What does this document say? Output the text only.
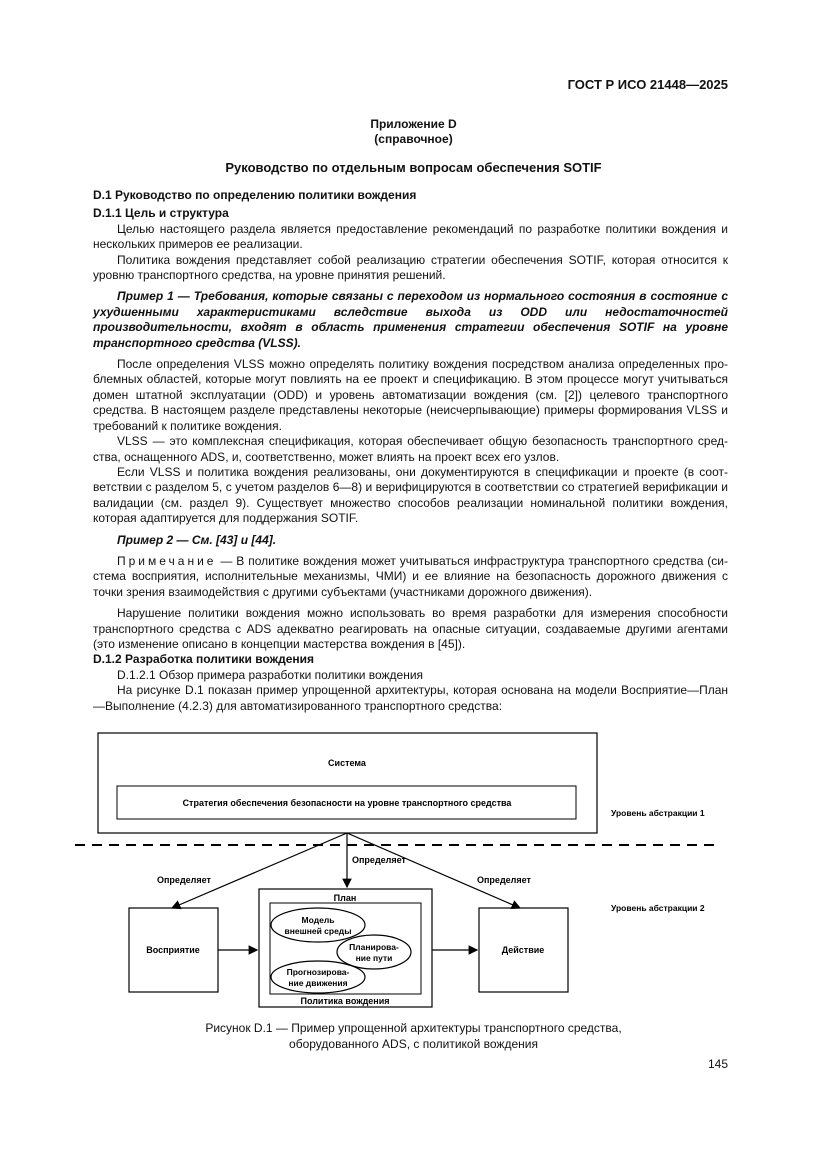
ГОСТ Р ИСО 21448—2025
Приложение D
(справочное)
Руководство по отдельным вопросам обеспечения SOTIF

D.1 Руководство по определению политики вождения

D.1.1 Цель и структура

Целью настоящего раздела является предоставление рекомендаций по разработке политики вождения и нескольких примеров ее реализации.

Политика вождения представляет собой реализацию стратегии обеспечения SOTIF, которая относится к уровню транспортного средства, на уровне принятия решений.

Пример 1 — Требования, которые связаны с переходом из нормального состояния в состояние с ухудшенными характеристиками вследствие выхода из ODD или недостаточностей производительности, входят в область применения стратегии обеспечения SOTIF на уровне транспортного средства (VLSS).

После определения VLSS можно определять политику вождения посредством анализа определенных проблемных областей, которые могут повлиять на ее проект и спецификацию. В этом процессе могут учитываться домен штатной эксплуатации (ODD) и уровень автоматизации вождения (см. [2]) целевого транспортного средства. В настоящем разделе представлены некоторые (неисчерпывающие) примеры формирования VLSS и требований к политике вождения.

VLSS — это комплексная спецификация, которая обеспечивает общую безопасность транспортного средства, оснащенного ADS, и, соответственно, может влиять на проект всех его узлов.

Если VLSS и политика вождения реализованы, они документируются в спецификации и проекте (в соответствии с разделом 5, с учетом разделов 6—8) и верифицируются в соответствии со стратегией верификации и валидации (см. раздел 9). Существует множество способов реализации номинальной политики вождения, которая адаптируется для поддержания SOTIF.

Пример 2 — См. [43] и [44].

Примечание — В политике вождения может учитываться инфраструктура транспортного средства (система восприятия, исполнительные механизмы, ЧМИ) и ее влияние на безопасность дорожного движения с точки зрения взаимодействия с другими субъектами (участниками дорожного движения).

Нарушение политики вождения можно использовать во время разработки для измерения способности транспортного средства с ADS адекватно реагировать на опасные ситуации, создаваемые другими агентами (это изменение описано в концепции мастерства вождения в [45]).

D.1.2 Разработка политики вождения

D.1.2.1 Обзор примера разработки политики вождения

На рисунке D.1 показан пример упрощенной архитектуры, которая основана на модели Восприятие—План—Выполнение (4.2.3) для автоматизированного транспортного средства:

Система
Стратегия обеспечения безопасности на уровне транспортного средства
Уровень абстракции 1
Определяет
Определяет	Определяет
Уровень абстракции 2
Восприятие	Действие
План
Политика вождения
Модель
внешней среды
Планирова-
ние пути
Прогнозирова-
ние движения
Рисунок D.1 — Пример упрощенной архитектуры транспортного средства,
оборудованного ADS, с политикой вождения
145
